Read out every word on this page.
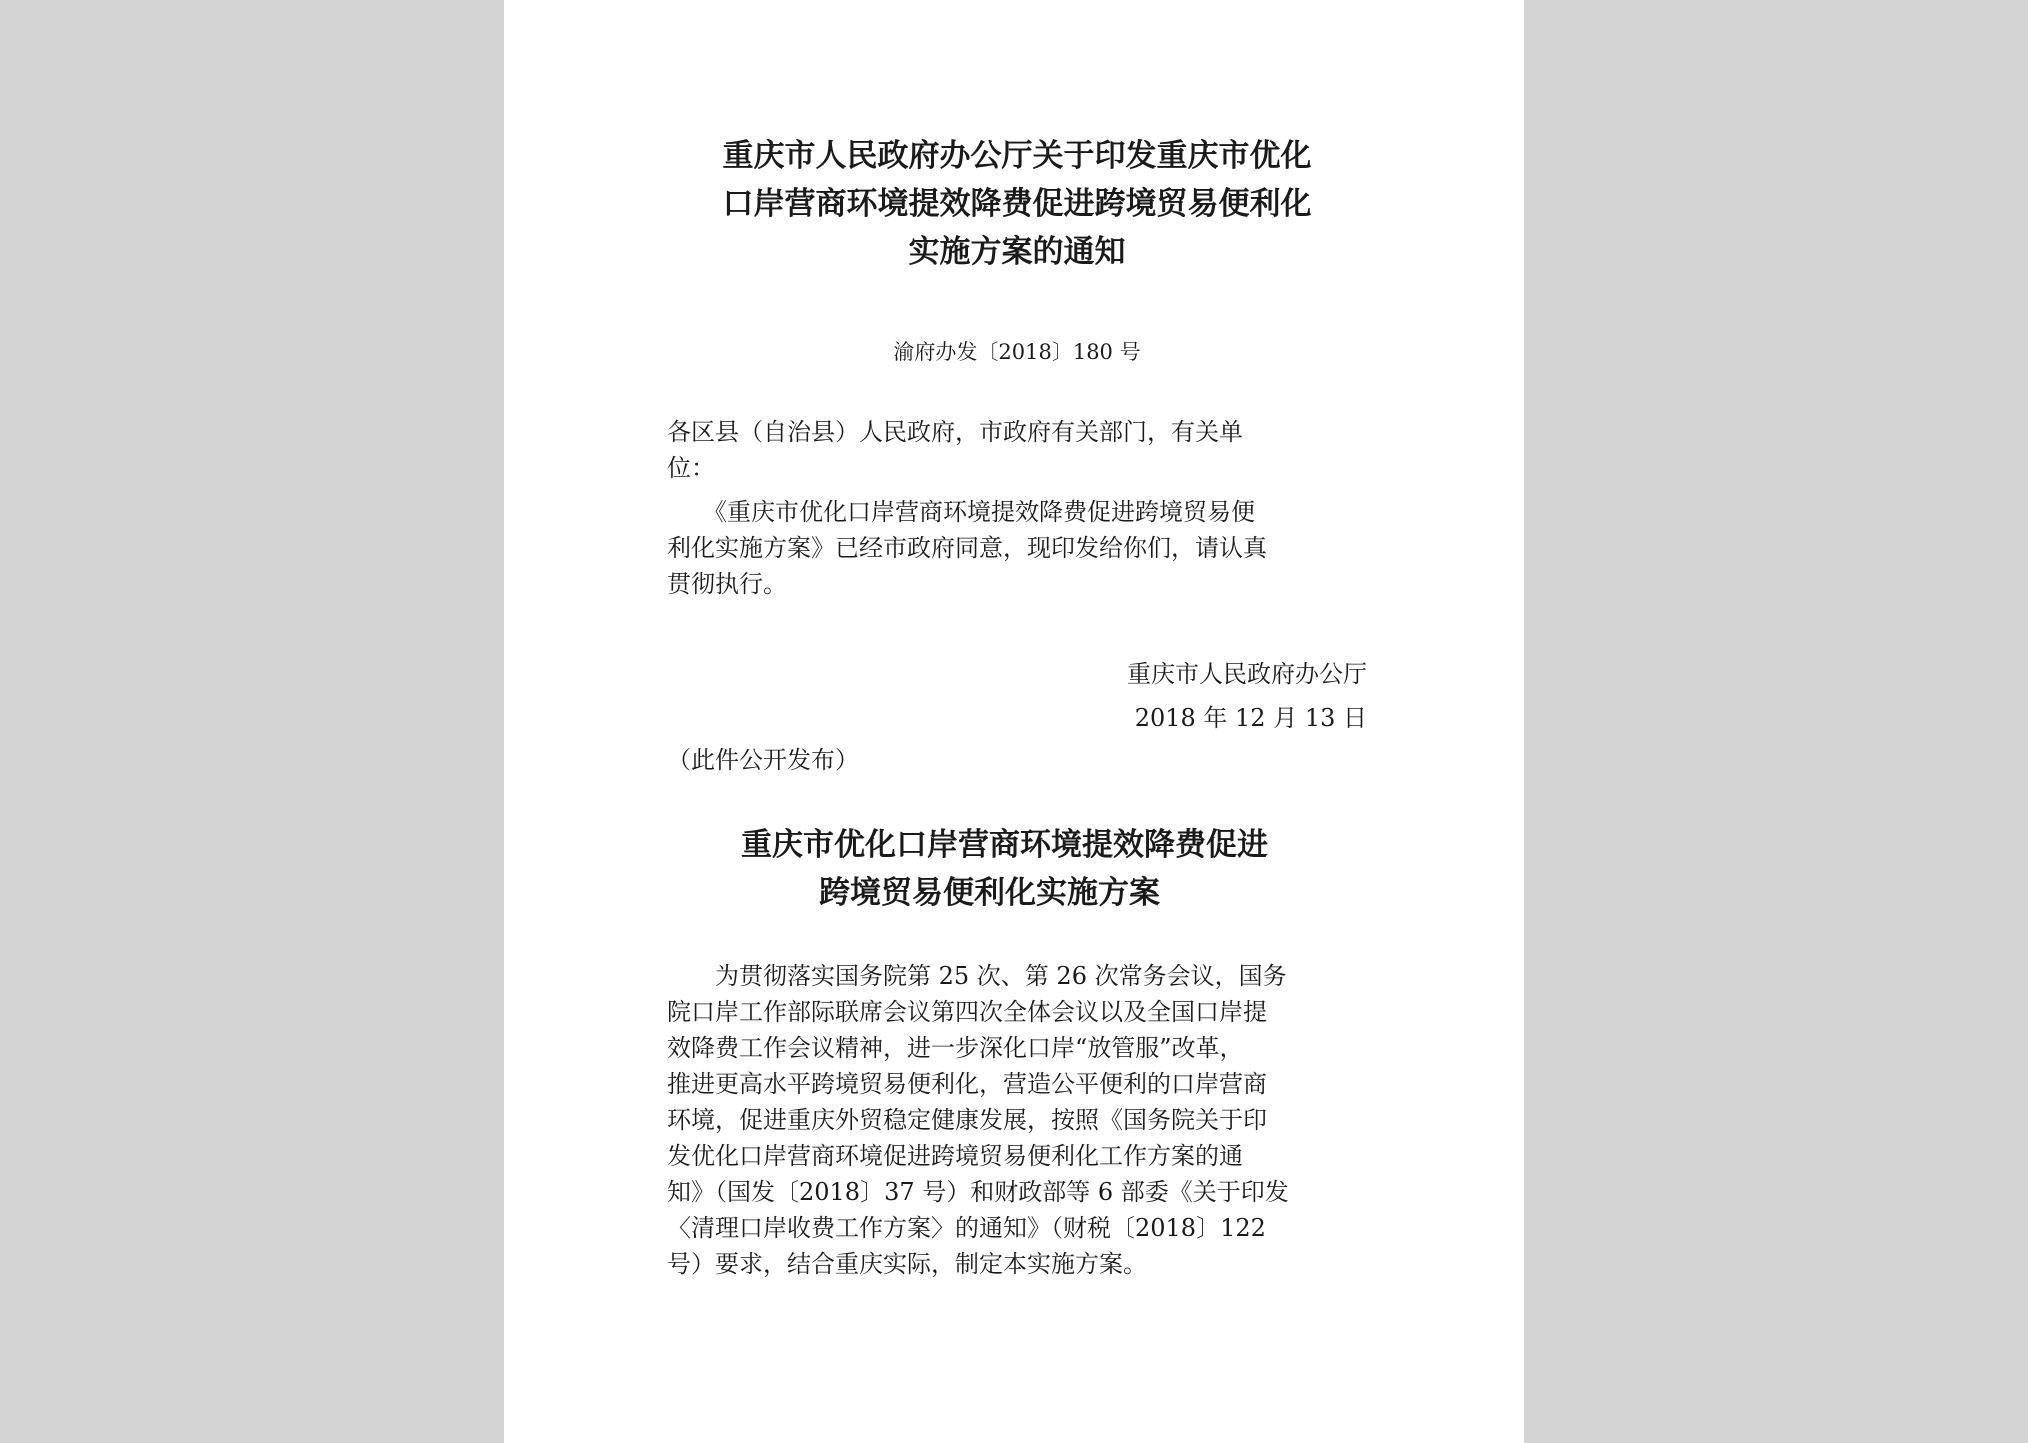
重庆市人民政府办公厅关于印发重庆市优化
口岸营商环境提效降费促进跨境贸易便利化
实施方案的通知
渝府办发〔2018〕180 号
各区县（自治县）人民政府，市政府有关部门，有关单
位：
　　《重庆市优化口岸营商环境提效降费促进跨境贸易便
利化实施方案》已经市政府同意，现印发给你们，请认真
贯彻执行。
重庆市人民政府办公厅
2018 年 12 月 13 日
（此件公开发布）
重庆市优化口岸营商环境提效降费促进
跨境贸易便利化实施方案
　　为贯彻落实国务院第 25 次、第 26 次常务会议，国务
院口岸工作部际联席会议第四次全体会议以及全国口岸提
效降费工作会议精神，进一步深化口岸“放管服”改革，
推进更高水平跨境贸易便利化，营造公平便利的口岸营商
环境，促进重庆外贸稳定健康发展，按照《国务院关于印
发优化口岸营商环境促进跨境贸易便利化工作方案的通
知》（国发〔2018〕37 号）和财政部等 6 部委《关于印发
〈清理口岸收费工作方案〉的通知》（财税〔2018〕122
号）要求，结合重庆实际，制定本实施方案。
